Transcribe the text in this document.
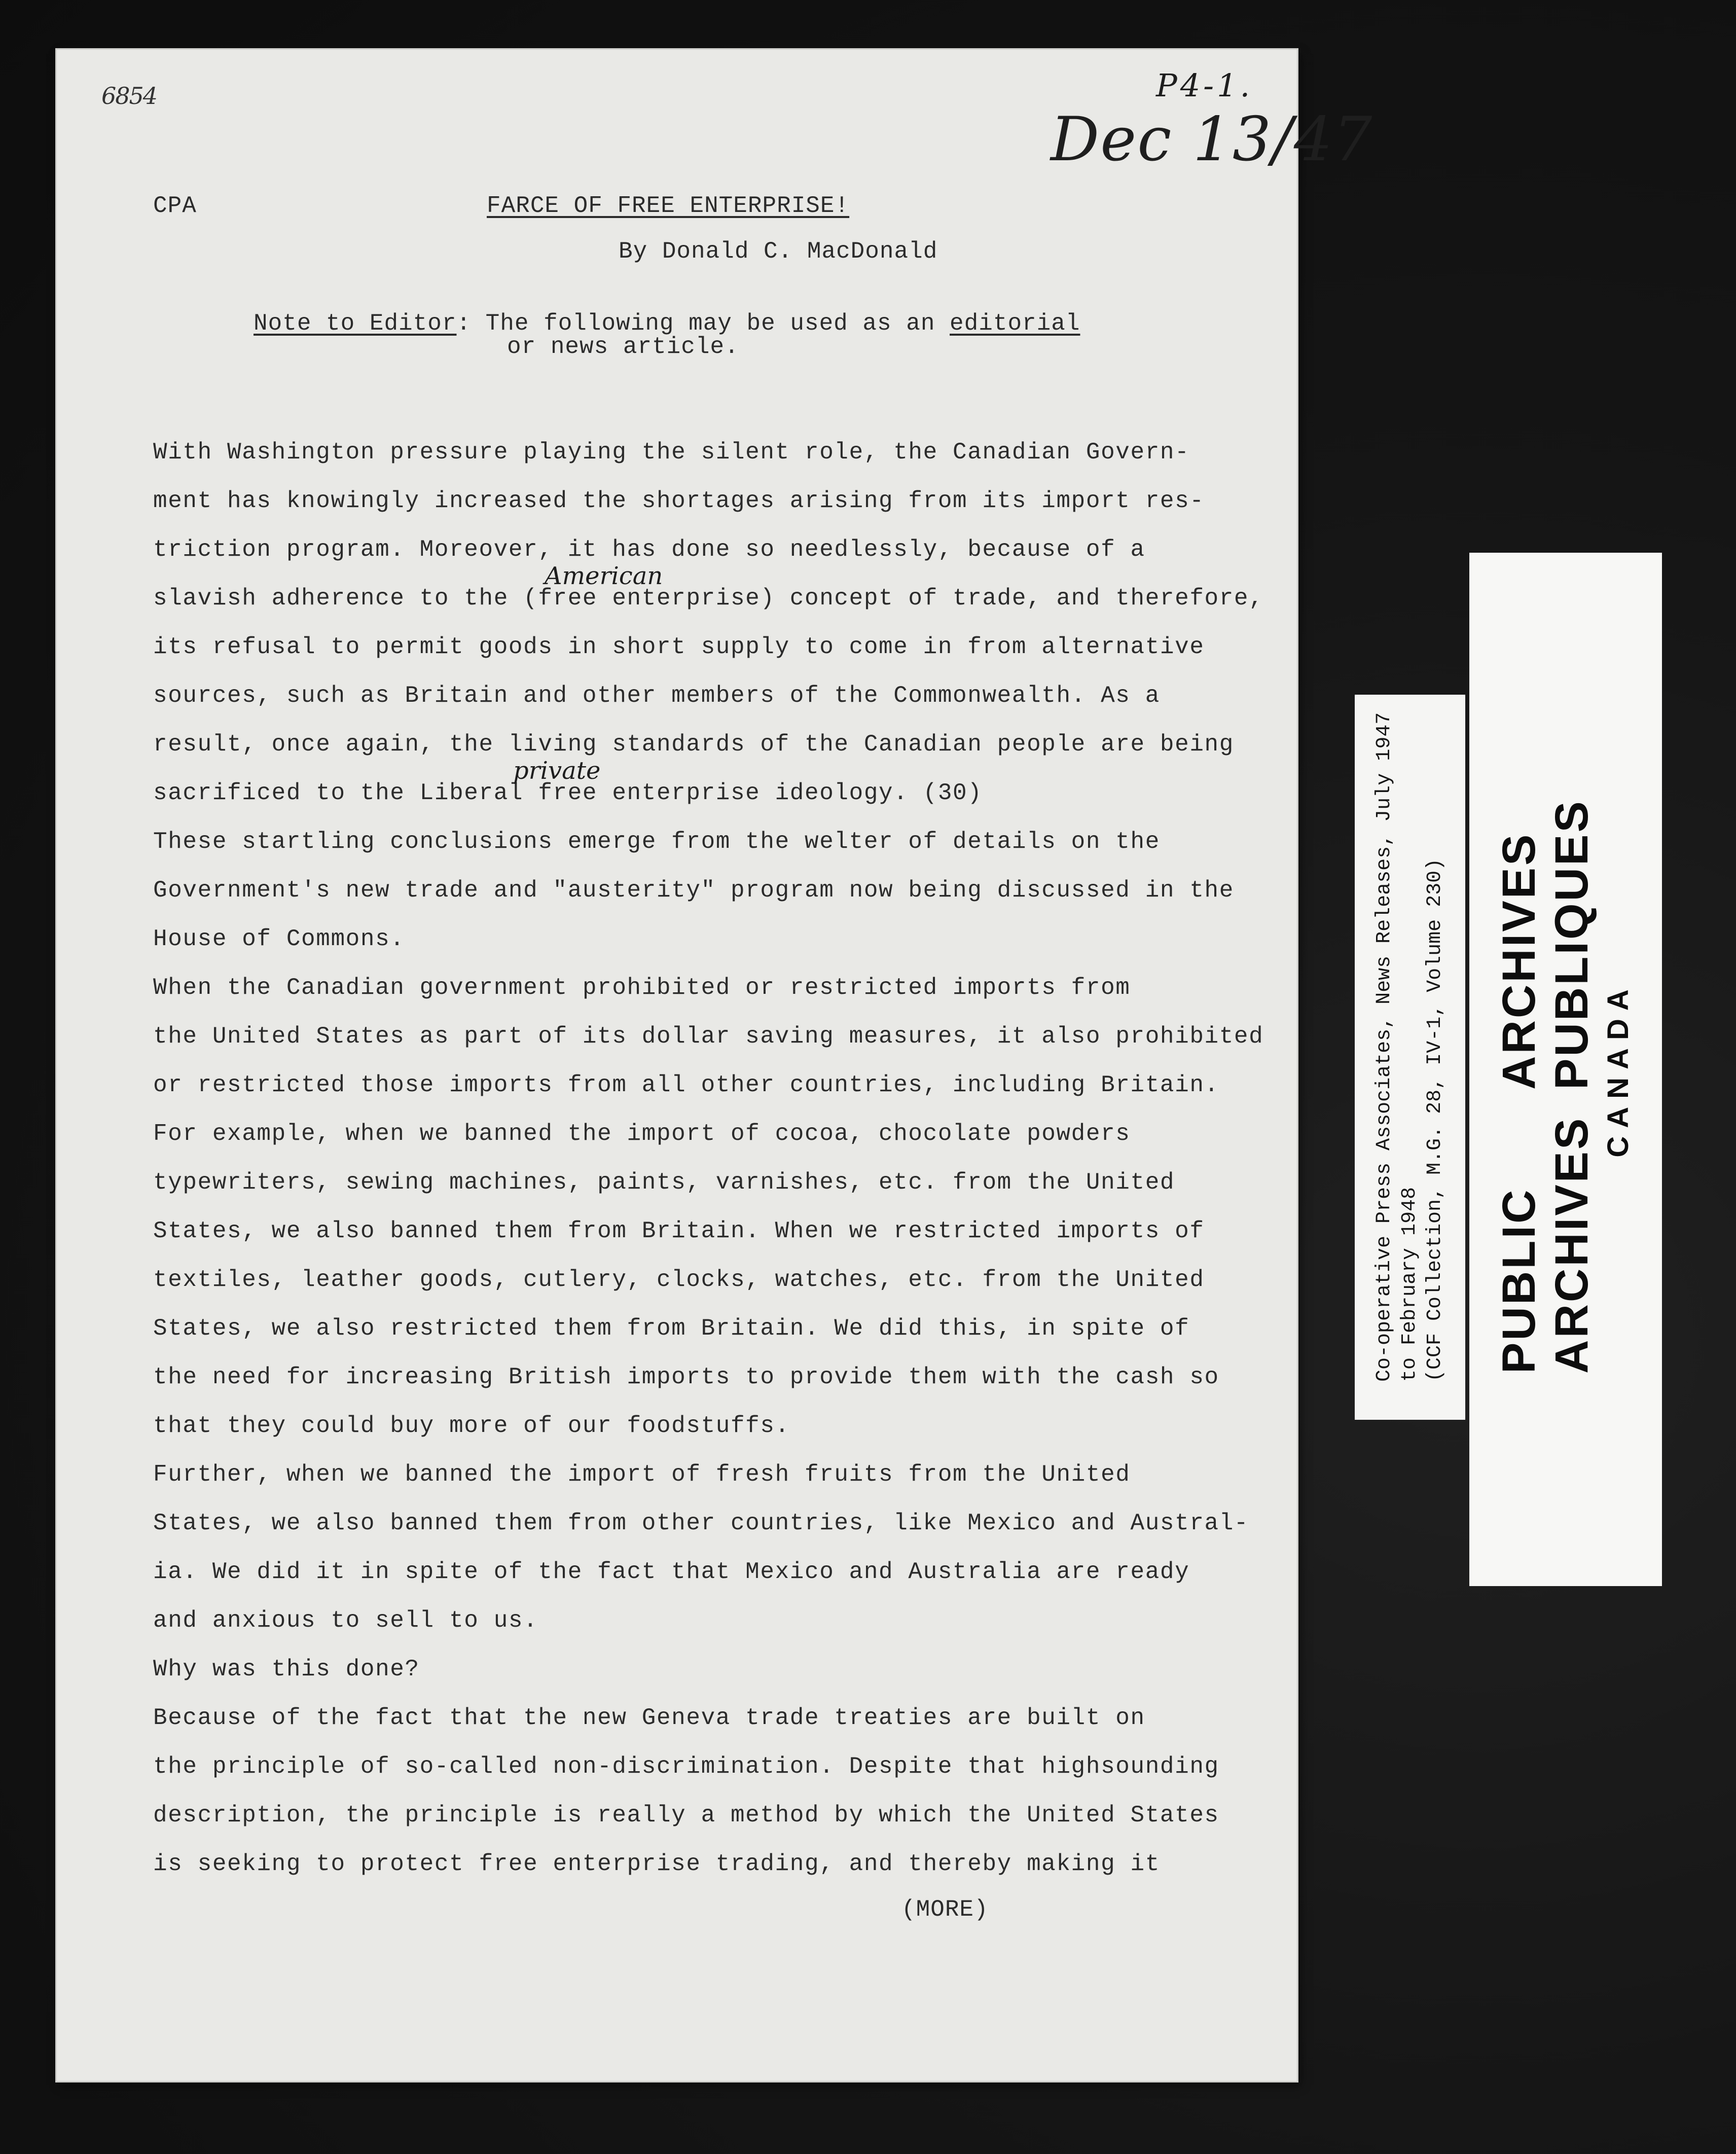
6854	P4-1.
Dec 13/47
CPA	FARCE OF FREE ENTERPRISE!
By Donald C. MacDonald
Note to Editor: The following may be used as an editorial
or news article.
With Washington pressure playing the silent role, the Canadian Govern-
ment has knowingly increased the shortages arising from its import res-
triction program. Moreover, it has done so needlessly, because of a
slavish adherence to the (free enterprise) concept of trade, and therefore,
its refusal to permit goods in short supply to come in from alternative
sources, such as Britain and other members of the Commonwealth. As a
result, once again, the living standards of the Canadian people are being
sacrificed to the Liberal free enterprise ideology. (30)
These startling conclusions emerge from the welter of details on the
Government's new trade and "austerity" program now being discussed in the
House of Commons.
When the Canadian government prohibited or restricted imports from
the United States as part of its dollar saving measures, it also prohibited
or restricted those imports from all other countries, including Britain.
For example, when we banned the import of cocoa, chocolate powders
typewriters, sewing machines, paints, varnishes, etc. from the United
States, we also banned them from Britain. When we restricted imports of
textiles, leather goods, cutlery, clocks, watches, etc. from the United
States, we also restricted them from Britain. We did this, in spite of
the need for increasing British imports to provide them with the cash so
that they could buy more of our foodstuffs.
Further, when we banned the import of fresh fruits from the United
States, we also banned them from other countries, like Mexico and Austral-
ia. We did it in spite of the fact that Mexico and Australia are ready
and anxious to sell to us.
Why was this done?
Because of the fact that the new Geneva trade treaties are built on
the principle of so-called non-discrimination. Despite that highsounding
description, the principle is really a method by which the United States
is seeking to protect free enterprise trading, and thereby making it
American
private
(MORE)
Co-operative Press Associates, News Releases, July 1947 to February 1948 (CCF Collection, M.G. 28, IV-1, Volume 230) PUBLICARCHIVES
ARCHIVESPUBLIQUES CANADA
